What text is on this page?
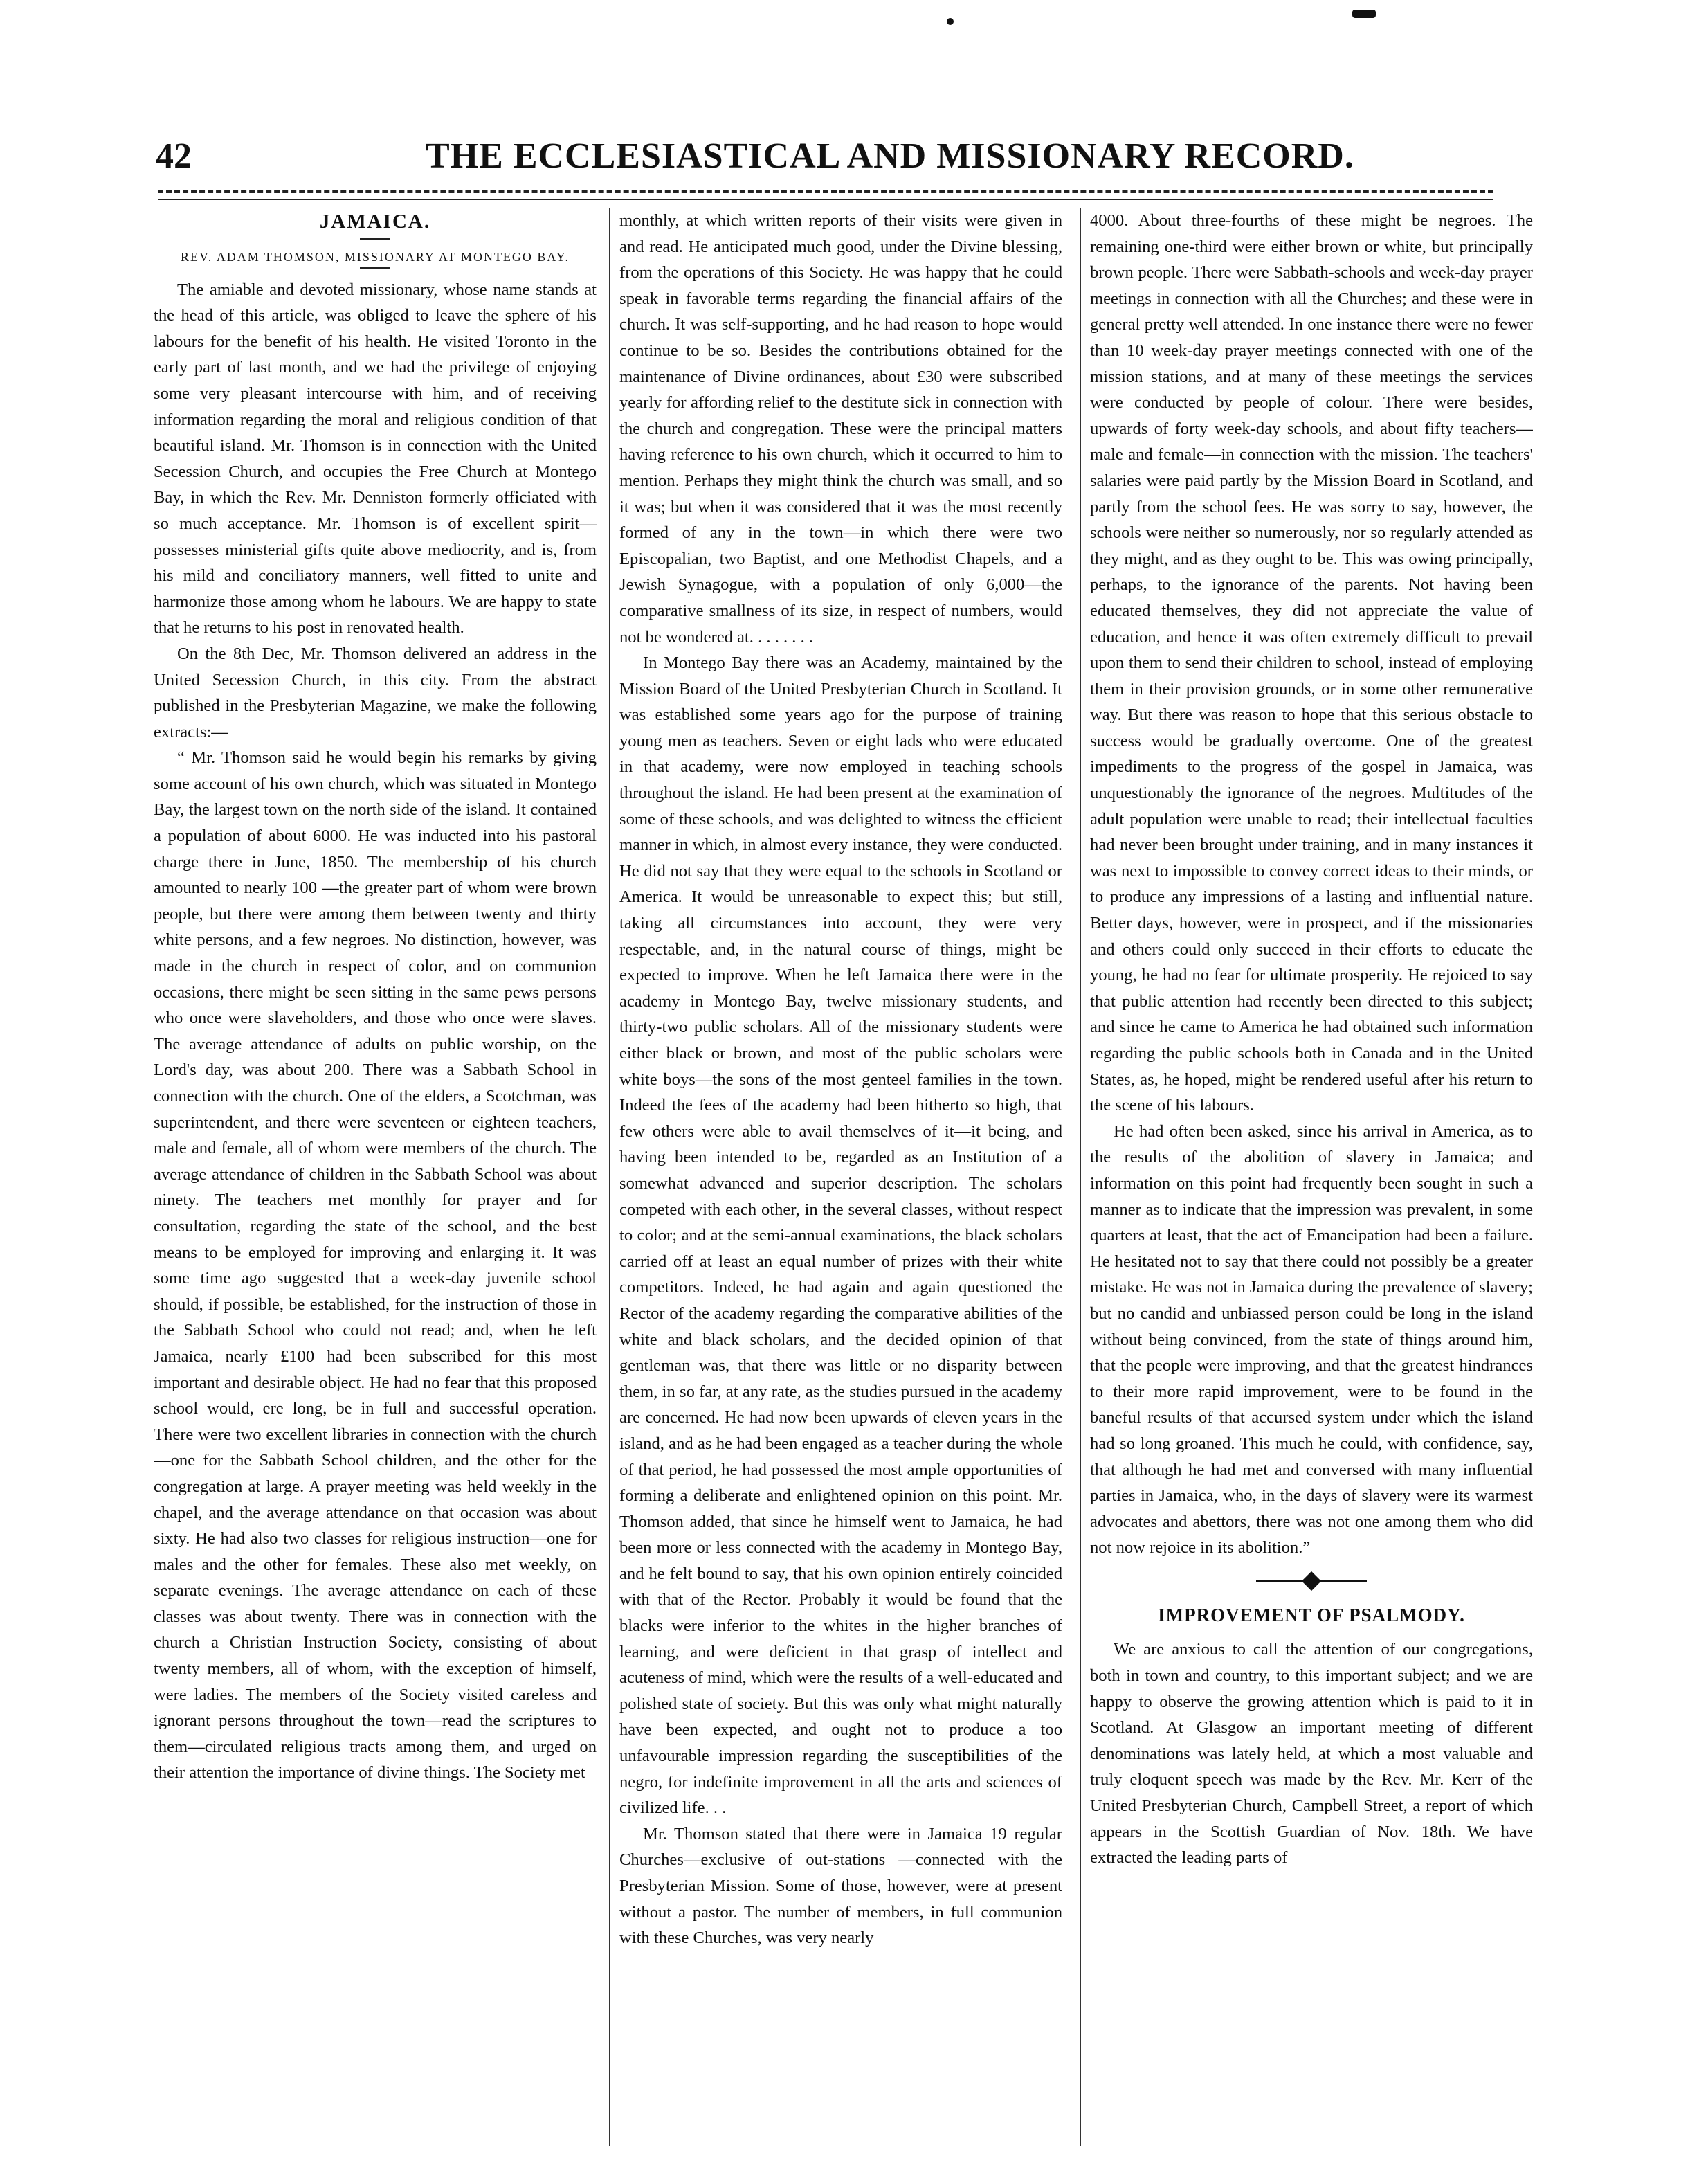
42	THE ECCLESIASTICAL AND MISSIONARY RECORD.
JAMAICA.
REV. ADAM THOMSON, MISSIONARY AT MONTEGO BAY.

The amiable and devoted missionary, whose name stands at the head of this article, was obliged to leave the sphere of his labours for the benefit of his health. He visited Toronto in the early part of last month, and we had the privilege of enjoying some very pleasant intercourse with him, and of receiving information regarding the moral and religious condition of that beautiful island. Mr. Thomson is in connection with the United Secession Church, and occupies the Free Church at Montego Bay, in which the Rev. Mr. Denniston formerly officiated with so much acceptance. Mr. Thomson is of excellent spirit—possesses ministerial gifts quite above mediocrity, and is, from his mild and conciliatory manners, well fitted to unite and harmonize those among whom he labours. We are happy to state that he returns to his post in renovated health.

On the 8th Dec, Mr. Thomson delivered an address in the United Secession Church, in this city. From the abstract published in the Presbyterian Magazine, we make the following extracts:—

“ Mr. Thomson said he would begin his remarks by giving some account of his own church, which was situated in Montego Bay, the largest town on the north side of the island. It contained a population of about 6000. He was inducted into his pastoral charge there in June, 1850. The membership of his church amounted to nearly 100 —the greater part of whom were brown people, but there were among them between twenty and thirty white persons, and a few negroes. No distinction, however, was made in the church in respect of color, and on communion occasions, there might be seen sitting in the same pews persons who once were slaveholders, and those who once were slaves. The average attendance of adults on public worship, on the Lord's day, was about 200. There was a Sabbath School in connection with the church. One of the elders, a Scotchman, was superintendent, and there were seventeen or eighteen teachers, male and female, all of whom were members of the church. The average attendance of children in the Sabbath School was about ninety. The teachers met monthly for prayer and for consultation, regarding the state of the school, and the best means to be employed for improving and enlarging it. It was some time ago suggested that a week-day juvenile school should, if possible, be established, for the instruction of those in the Sabbath School who could not read; and, when he left Jamaica, nearly £100 had been subscribed for this most important and desirable object. He had no fear that this proposed school would, ere long, be in full and successful operation. There were two excellent libraries in connection with the church—one for the Sabbath School children, and the other for the congregation at large. A prayer meeting was held weekly in the chapel, and the average attendance on that occasion was about sixty. He had also two classes for religious instruction—one for males and the other for females. These also met weekly, on separate evenings. The average attendance on each of these classes was about twenty. There was in connection with the church a Christian Instruction Society, consisting of about twenty members, all of whom, with the exception of himself, were ladies. The members of the Society visited careless and ignorant persons throughout the town—read the scriptures to them—circulated religious tracts among them, and urged on their attention the importance of divine things. The Society met

monthly, at which written reports of their visits were given in and read. He anticipated much good, under the Divine blessing, from the operations of this Society. He was happy that he could speak in favorable terms regarding the financial affairs of the church. It was self-supporting, and he had reason to hope would continue to be so. Besides the contributions obtained for the maintenance of Divine ordinances, about £30 were subscribed yearly for affording relief to the destitute sick in connection with the church and congregation. These were the principal matters having reference to his own church, which it occurred to him to mention. Perhaps they might think the church was small, and so it was; but when it was considered that it was the most recently formed of any in the town—in which there were two Episcopalian, two Baptist, and one Methodist Chapels, and a Jewish Synagogue, with a population of only 6,000—the comparative smallness of its size, in respect of numbers, would not be wondered at. . . . . . . .

In Montego Bay there was an Academy, maintained by the Mission Board of the United Presbyterian Church in Scotland. It was established some years ago for the purpose of training young men as teachers. Seven or eight lads who were educated in that academy, were now employed in teaching schools throughout the island. He had been present at the examination of some of these schools, and was delighted to witness the efficient manner in which, in almost every instance, they were conducted. He did not say that they were equal to the schools in Scotland or America. It would be unreasonable to expect this; but still, taking all circumstances into account, they were very respectable, and, in the natural course of things, might be expected to improve. When he left Jamaica there were in the academy in Montego Bay, twelve missionary students, and thirty-two public scholars. All of the missionary students were either black or brown, and most of the public scholars were white boys—the sons of the most genteel families in the town. Indeed the fees of the academy had been hitherto so high, that few others were able to avail themselves of it—it being, and having been intended to be, regarded as an Institution of a somewhat advanced and superior description. The scholars competed with each other, in the several classes, without respect to color; and at the semi-annual examinations, the black scholars carried off at least an equal number of prizes with their white competitors. Indeed, he had again and again questioned the Rector of the academy regarding the comparative abilities of the white and black scholars, and the decided opinion of that gentleman was, that there was little or no disparity between them, in so far, at any rate, as the studies pursued in the academy are concerned. He had now been upwards of eleven years in the island, and as he had been engaged as a teacher during the whole of that period, he had possessed the most ample opportunities of forming a deliberate and enlightened opinion on this point. Mr. Thomson added, that since he himself went to Jamaica, he had been more or less connected with the academy in Montego Bay, and he felt bound to say, that his own opinion entirely coincided with that of the Rector. Probably it would be found that the blacks were inferior to the whites in the higher branches of learning, and were deficient in that grasp of intellect and acuteness of mind, which were the results of a well-educated and polished state of society. But this was only what might naturally have been expected, and ought not to produce a too unfavourable impression regarding the susceptibilities of the negro, for indefinite improvement in all the arts and sciences of civilized life. . .

Mr. Thomson stated that there were in Jamaica 19 regular Churches—exclusive of out-stations —connected with the Presbyterian Mission. Some of those, however, were at present without a pastor. The number of members, in full communion with these Churches, was very nearly

4000. About three-fourths of these might be negroes. The remaining one-third were either brown or white, but principally brown people. There were Sabbath-schools and week-day prayer meetings in connection with all the Churches; and these were in general pretty well attended. In one instance there were no fewer than 10 week-day prayer meetings connected with one of the mission stations, and at many of these meetings the services were conducted by people of colour. There were besides, upwards of forty week-day schools, and about fifty teachers—male and female—in connection with the mission. The teachers' salaries were paid partly by the Mission Board in Scotland, and partly from the school fees. He was sorry to say, however, the schools were neither so numerously, nor so regularly attended as they might, and as they ought to be. This was owing principally, perhaps, to the ignorance of the parents. Not having been educated themselves, they did not appreciate the value of education, and hence it was often extremely difficult to prevail upon them to send their children to school, instead of employing them in their provision grounds, or in some other remunerative way. But there was reason to hope that this serious obstacle to success would be gradually overcome. One of the greatest impediments to the progress of the gospel in Jamaica, was unquestionably the ignorance of the negroes. Multitudes of the adult population were unable to read; their intellectual faculties had never been brought under training, and in many instances it was next to impossible to convey correct ideas to their minds, or to produce any impressions of a lasting and influential nature. Better days, however, were in prospect, and if the missionaries and others could only succeed in their efforts to educate the young, he had no fear for ultimate prosperity. He rejoiced to say that public attention had recently been directed to this subject; and since he came to America he had obtained such information regarding the public schools both in Canada and in the United States, as, he hoped, might be rendered useful after his return to the scene of his labours.

He had often been asked, since his arrival in America, as to the results of the abolition of slavery in Jamaica; and information on this point had frequently been sought in such a manner as to indicate that the impression was prevalent, in some quarters at least, that the act of Emancipation had been a failure. He hesitated not to say that there could not possibly be a greater mistake. He was not in Jamaica during the prevalence of slavery; but no candid and unbiassed person could be long in the island without being convinced, from the state of things around him, that the people were improving, and that the greatest hindrances to their more rapid improvement, were to be found in the baneful results of that accursed system under which the island had so long groaned. This much he could, with confidence, say, that although he had met and conversed with many influential parties in Jamaica, who, in the days of slavery were its warmest advocates and abettors, there was not one among them who did not now rejoice in its abolition.”

IMPROVEMENT OF PSALMODY.

We are anxious to call the attention of our congregations, both in town and country, to this important subject; and we are happy to observe the growing attention which is paid to it in Scotland. At Glasgow an important meeting of different denominations was lately held, at which a most valuable and truly eloquent speech was made by the Rev. Mr. Kerr of the United Presbyterian Church, Campbell Street, a report of which appears in the Scottish Guardian of Nov. 18th. We have extracted the leading parts of
